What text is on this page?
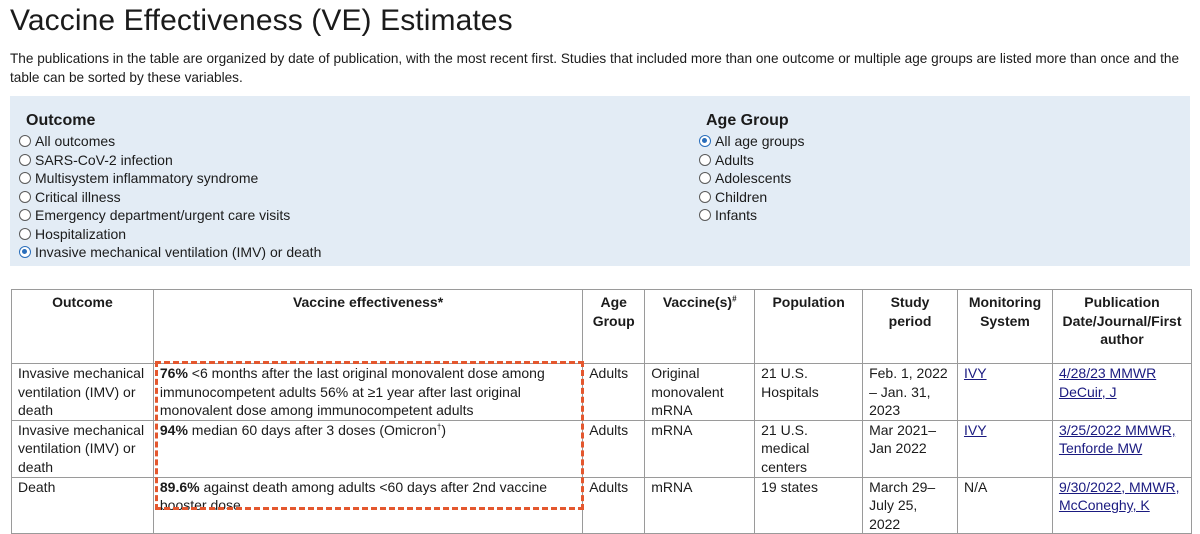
Vaccine Effectiveness (VE) Estimates

The publications in the table are organized by date of publication, with the most recent first. Studies that included more than one outcome or multiple age groups are listed more than once and the table can be sorted by these variables.

Outcome
All outcomes
SARS-CoV-2 infection
Multisystem inflammatory syndrome
Critical illness
Emergency department/urgent care visits
Hospitalization
Invasive mechanical ventilation (IMV) or death
Age Group
All age groups
Adults
Adolescents
Children
Infants
Outcome	Vaccine effectiveness*	Age Group	Vaccine(s)#	Population	Study period	Monitoring System	Publication Date/Journal/First author
Invasive mechanical ventilation (IMV) or death	76% <6 months after the last original monovalent dose among immunocompetent adults 56% at ≥1 year after last original monovalent dose among immunocompetent adults	Adults	Original monovalent mRNA	21 U.S. Hospitals	Feb. 1, 2022 – Jan. 31, 2023	IVY	4/28/23 MMWR DeCuir, J
Invasive mechanical ventilation (IMV) or death	94% median 60 days after 3 doses (Omicron†)	Adults	mRNA	21 U.S. medical centers	Mar 2021– Jan 2022	IVY	3/25/2022 MMWR, Tenforde MW
Death	89.6% against death among adults <60 days after 2nd vaccine booster dose	Adults	mRNA	19 states	March 29– July 25, 2022	N/A	9/30/2022, MMWR, McConeghy, K
